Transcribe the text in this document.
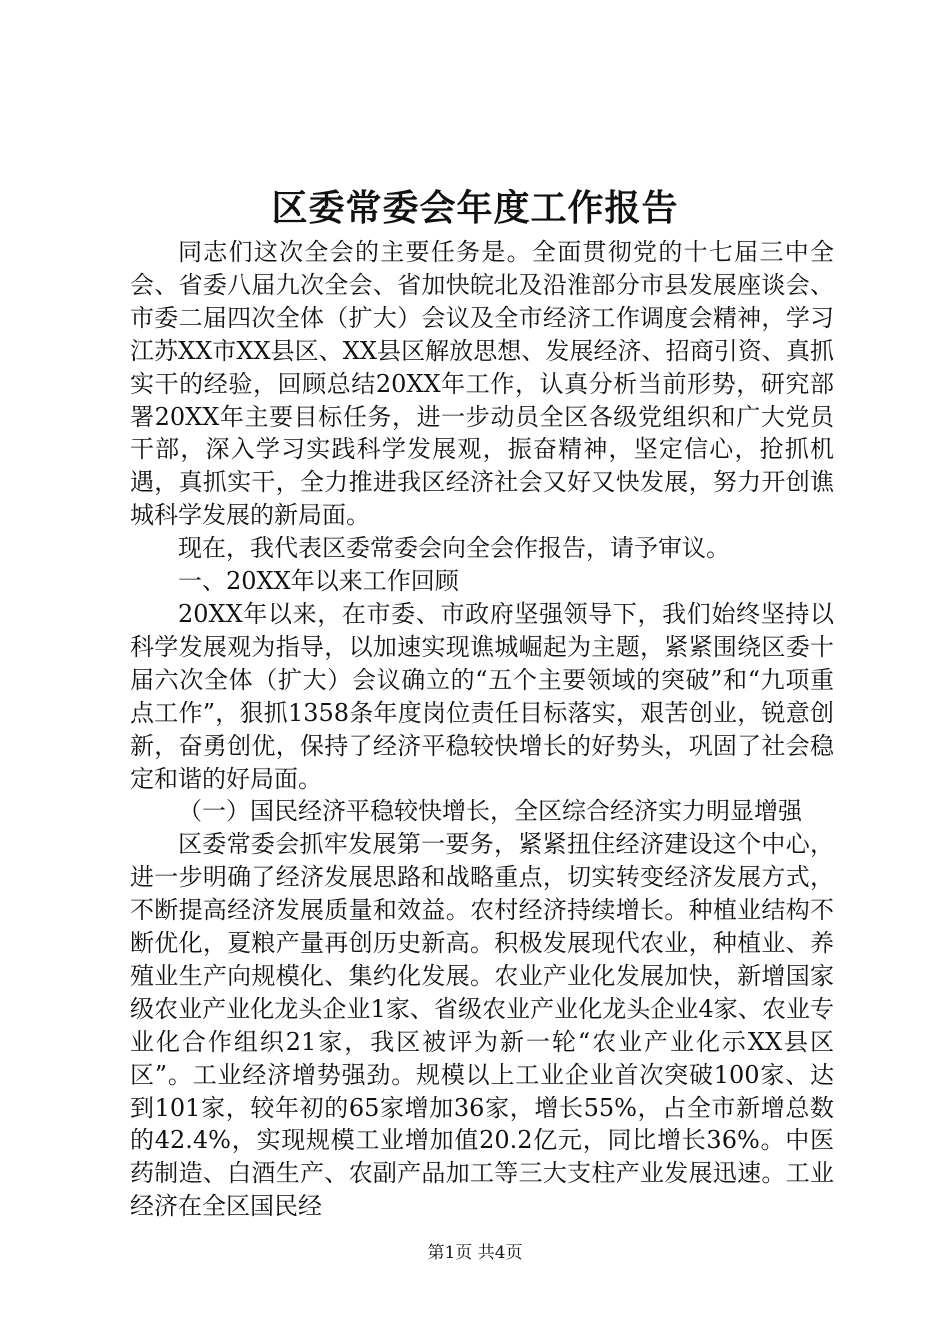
区委常委会年度工作报告

同志们这次全会的主要任务是。全面贯彻党的十七届三中全会、省委八届九次全会、省加快皖北及沿淮部分市县发展座谈会、市委二届四次全体（扩大）会议及全市经济工作调度会精神，学习江苏XX市XX县区、XX县区解放思想、发展经济、招商引资、真抓实干的经验，回顾总结20XX年工作，认真分析当前形势，研究部署20XX年主要目标任务，进一步动员全区各级党组织和广大党员干部，深入学习实践科学发展观，振奋精神，坚定信心，抢抓机遇，真抓实干，全力推进我区经济社会又好又快发展，努力开创谯城科学发展的新局面。

现在，我代表区委常委会向全会作报告，请予审议。

一、20XX年以来工作回顾

20XX年以来，在市委、市政府坚强领导下，我们始终坚持以科学发展观为指导，以加速实现谯城崛起为主题，紧紧围绕区委十届六次全体（扩大）会议确立的“五个主要领域的突破”和“九项重点工作”，狠抓1358条年度岗位责任目标落实，艰苦创业，锐意创新，奋勇创优，保持了经济平稳较快增长的好势头，巩固了社会稳定和谐的好局面。

（一）国民经济平稳较快增长，全区综合经济实力明显增强

区委常委会抓牢发展第一要务，紧紧扭住经济建设这个中心，进一步明确了经济发展思路和战略重点，切实转变经济发展方式，不断提高经济发展质量和效益。农村经济持续增长。种植业结构不断优化，夏粮产量再创历史新高。积极发展现代农业，种植业、养殖业生产向规模化、集约化发展。农业产业化发展加快，新增国家级农业产业化龙头企业1家、省级农业产业化龙头企业4家、农业专业化合作组织21家，我区被评为新一轮“农业产业化示XX县区区”。工业经济增势强劲。规模以上工业企业首次突破100家、达到101家，较年初的65家增加36家，增长55%，占全市新增总数的42.4%，实现规模工业增加值20.2亿元，同比增长36%。中医药制造、白酒生产、农副产品加工等三大支柱产业发展迅速。工业经济在全区国民经

第1页 共4页
